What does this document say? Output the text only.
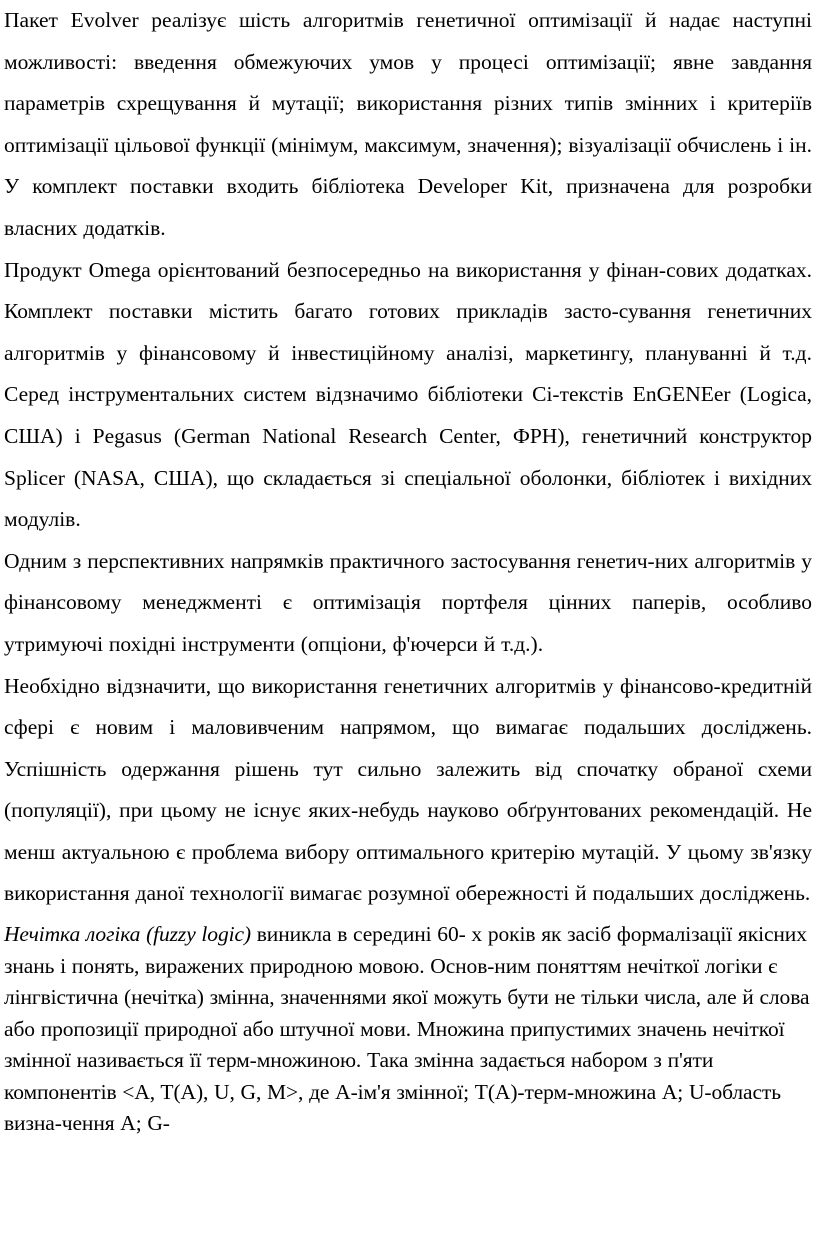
Пакет Evolver реалізує шість алгоритмів генетичної оптимізації й надає наступні можливості: введення обмежуючих умов у процесі оптимізації; явне завдання параметрів схрещування й мутації; використання різних типів змінних і критеріїв оптимізації цільової функції (мінімум, максимум, значення); візуалізації обчислень і ін. У комплект поставки входить бібліотека Developer Kit, призначена для розробки власних додатків.

Продукт Omega орієнтований безпосередньо на використання у фінан-сових додатках. Комплект поставки містить багато готових прикладів засто-сування генетичних алгоритмів у фінансовому й інвестиційному аналізі, маркетингу, плануванні й т.д. Серед інструментальних систем відзначимо бібліотеки Сі-текстів EnGENEer (Logica, США) і Pegasus (German National Research Center, ФРН), генетичний конструктор Splicer (NASA, США), що складається зі спеціальної оболонки, бібліотек і вихідних модулів.

Одним з перспективних напрямків практичного застосування генетич-них алгоритмів у фінансовому менеджменті є оптимізація портфеля цінних паперів, особливо утримуючі похідні інструменти (опціони, ф'ючерси й т.д.).

Необхідно відзначити, що використання генетичних алгоритмів у фінансово-кредитній сфері є новим і маловивченим напрямом, що вимагає подальших досліджень. Успішність одержання рішень тут сильно залежить від спочатку обраної схеми (популяції), при цьому не існує яких-небудь науково обґрунтованих рекомендацій. Не менш актуальною є проблема вибору оптимального критерію мутацій. У цьому зв'язку використання даної технології вимагає розумної обережності й подальших досліджень.

Нечітка логіка (fuzzy logic) виникла в середині 60- х років як засіб формалізації якісних знань і понять, виражених природною мовою. Основ-ним поняттям нечіткої логіки є лінгвістична (нечітка) змінна, значеннями якої можуть бути не тільки числа, але й слова або пропозиції природної або штучної мови. Множина припустимих значень нечіткої змінної називається її терм-множиною. Така змінна задається набором з п'яти компонентів <A, T(A), U, G, M>, де A-ім'я змінної; T(A)-терм-множина A; U-область визна-чення A; G-
